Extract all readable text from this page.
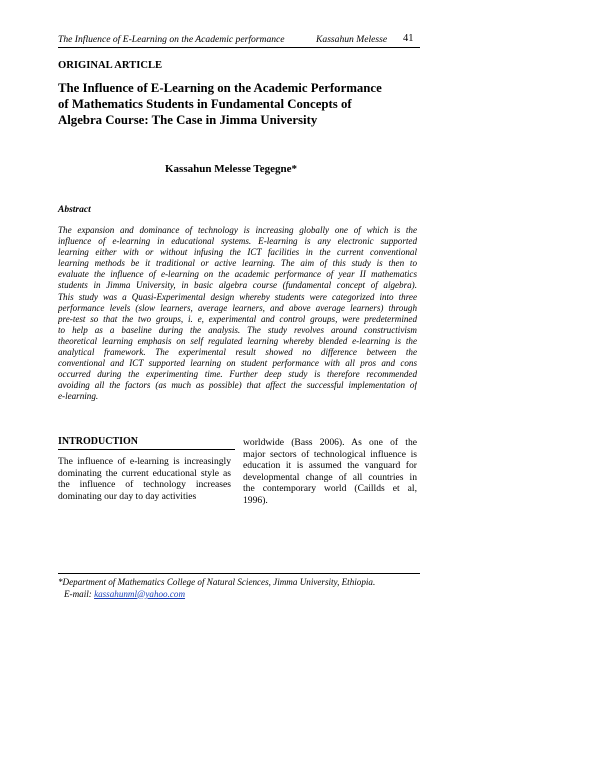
The Influence of E-Learning on the Academic performance	Kassahun Melesse 41
ORIGINAL ARTICLE
The Influence of E-Learning on the Academic Performance
of Mathematics Students in Fundamental Concepts of
Algebra Course: The Case in Jimma University
Kassahun Melesse Tegegne*
Abstract

The expansion and dominance of technology is increasing globally one of which is the
influence of e-learning in educational systems. E-learning is any electronic supported
learning either with or without infusing the ICT facilities in the current conventional
learning methods be it traditional or active learning. The aim of this study is then to
evaluate the influence of e-learning on the academic performance of year II mathematics
students in Jimma University, in basic algebra course (fundamental concept of algebra).
This study was a Quasi-Experimental design whereby students were categorized into three
performance levels (slow learners, average learners, and above average learners) through
pre-test so that the two groups, i. e, experimental and control groups, were predetermined
to help as a baseline during the analysis. The study revolves around constructivism
theoretical learning emphasis on self regulated learning whereby blended e-learning is the
analytical framework. The experimental result showed no difference between the
conventional and ICT supported learning on student performance with all pros and cons
occurred during the experimenting time. Further deep study is therefore recommended
avoiding all the factors (as much as possible) that affect the successful implementation of
e-learning.

INTRODUCTION

The influence of e-learning is increasingly
dominating the current educational style as
the influence of technology increases
dominating our day to day activities

worldwide (Bass 2006). As one of the
major sectors of technological influence is
education it is assumed the vanguard for
developmental change of all countries in
the contemporary world (Caillds et al,
1996).

*Department of Mathematics College of Natural Sciences, Jimma University, Ethiopia.
E-mail: kassahunml@yahoo.com
